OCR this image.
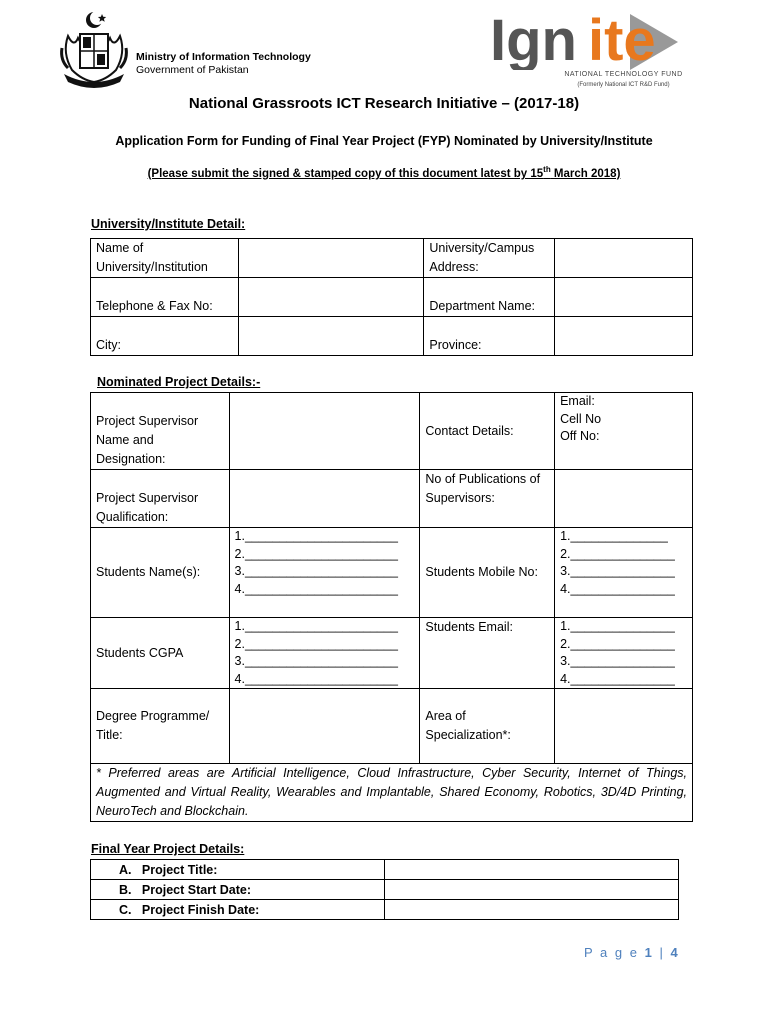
Ministry of Information Technology
Government of Pakistan	Ign ite
NATIONAL TECHNOLOGY FUND
(Formerly National ICT R&D Fund)
National Grassroots ICT Research Initiative – (2017-18)
Application Form for Funding of Final Year Project (FYP) Nominated by University/Institute
(Please submit the signed & stamped copy of this document latest by 15th March 2018)
University/Institute Detail:
Name of University/Institution		University/Campus Address:	
Telephone & Fax No:		Department Name:	
City:		Province:	
Nominated Project Details:-
Project Supervisor Name and Designation:		Contact Details:	Email:
Cell No
Off No:

Project Supervisor Qualification:		No of Publications of Supervisors:	
Students Name(s):	1.______________________
2.______________________
3.______________________
4.______________________	Students Mobile No:	1.______________
2._______________
3._______________
4._______________

Students CGPA	1.______________________
2.______________________
3.______________________
4.______________________	Students Email:	1._______________
2._______________
3._______________
4._______________

Degree Programme/ Title:		Area of Specialization*:	
* Preferred areas are Artificial Intelligence, Cloud Infrastructure, Cyber Security, Internet of Things, Augmented and Virtual Reality, Wearables and Implantable, Shared Economy, Robotics, 3D/4D Printing, NeuroTech and Blockchain.			
Final Year Project Details:
A. Project Title:	
B. Project Start Date:	
C. Project Finish Date:	
P a g e 1 | 4
